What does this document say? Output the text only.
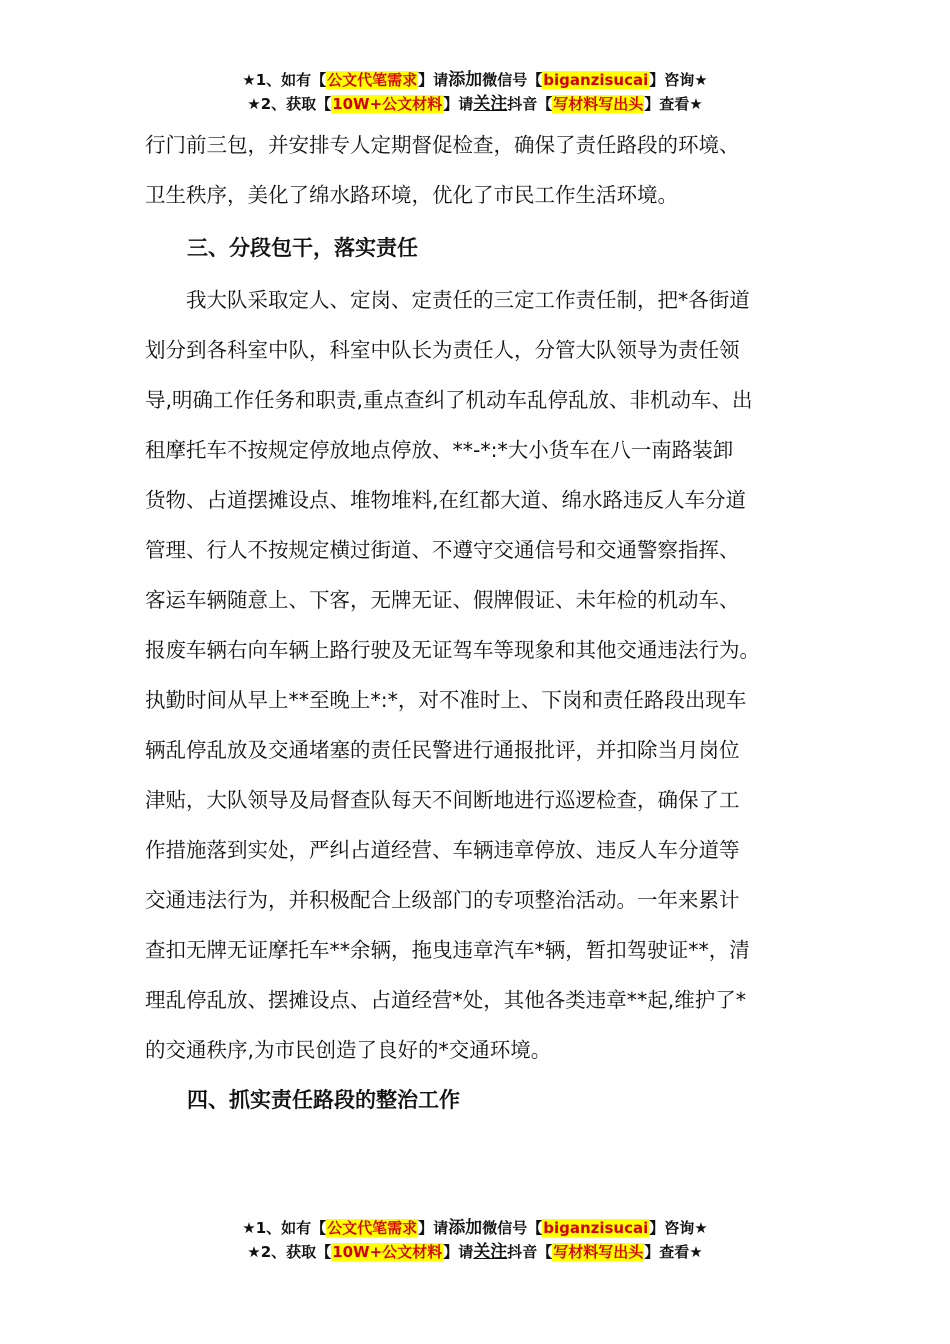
★1、如有【公文代笔需求】请添加微信号【biganzisucai】咨询★
★2、获取【10W+公文材料】请关注抖音【写材料写出头】查看★
行门前三包，并安排专人定期督促检查，确保了责任路段的环境、
卫生秩序，美化了绵水路环境，优化了市民工作生活环境。
三、分段包干，落实责任
　　我大队采取定人、定岗、定责任的三定工作责任制，把*各街道
划分到各科室中队，科室中队长为责任人，分管大队领导为责任领
导,明确工作任务和职责,重点查纠了机动车乱停乱放、非机动车、出
租摩托车不按规定停放地点停放、**-*:*大小货车在八一南路装卸
货物、占道摆摊设点、堆物堆料,在红都大道、绵水路违反人车分道
管理、行人不按规定横过街道、不遵守交通信号和交通警察指挥、
客运车辆随意上、下客，无牌无证、假牌假证、未年检的机动车、
报废车辆右向车辆上路行驶及无证驾车等现象和其他交通违法行为。
执勤时间从早上**至晚上*:*，对不准时上、下岗和责任路段出现车
辆乱停乱放及交通堵塞的责任民警进行通报批评，并扣除当月岗位
津贴，大队领导及局督查队每天不间断地进行巡逻检查，确保了工
作措施落到实处，严纠占道经营、车辆违章停放、违反人车分道等
交通违法行为，并积极配合上级部门的专项整治活动。一年来累计
查扣无牌无证摩托车**余辆，拖曳违章汽车*辆，暂扣驾驶证**，清
理乱停乱放、摆摊设点、占道经营*处，其他各类违章**起,维护了*
的交通秩序,为市民创造了良好的*交通环境。
四、抓实责任路段的整治工作
★1、如有【公文代笔需求】请添加微信号【biganzisucai】咨询★
★2、获取【10W+公文材料】请关注抖音【写材料写出头】查看★
